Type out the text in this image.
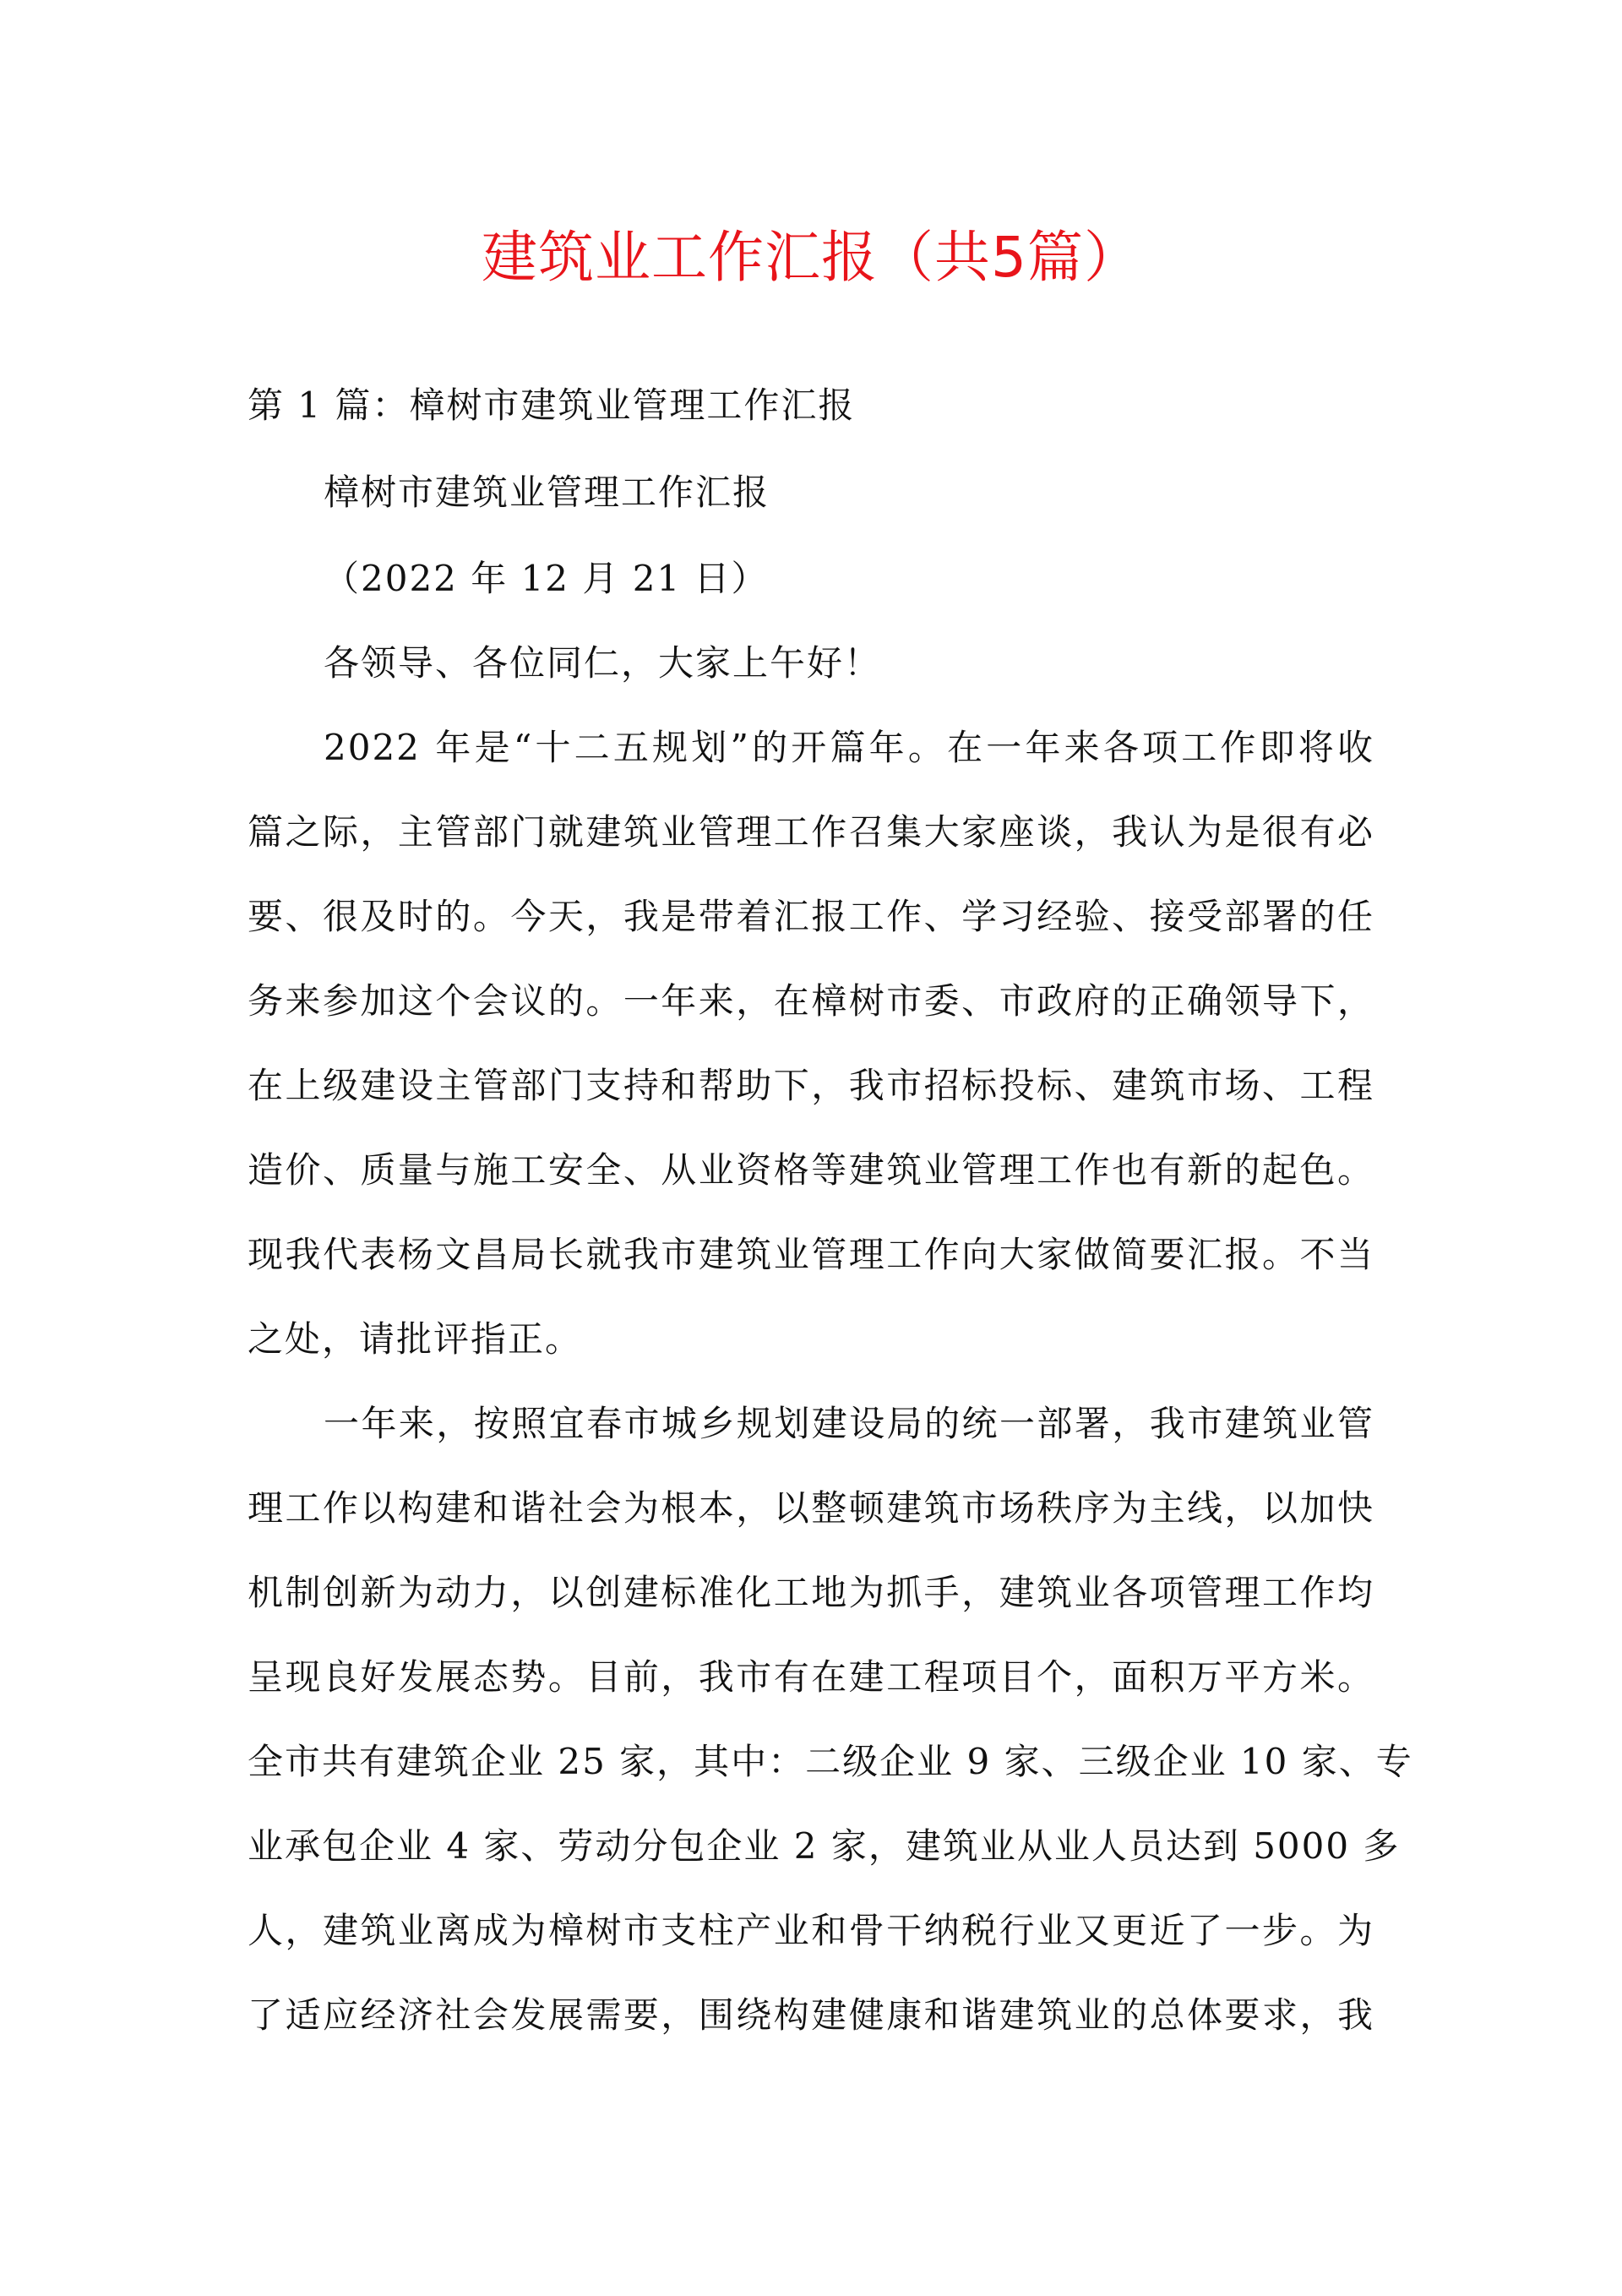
建筑业工作汇报（共5篇）
第 1 篇：樟树市建筑业管理工作汇报
樟树市建筑业管理工作汇报
（2022 年 12 月 21 日）
各领导、各位同仁，大家上午好！
2022 年是“十二五规划”的开篇年。在一年来各项工作即将收
篇之际，主管部门就建筑业管理工作召集大家座谈，我认为是很有必
要、很及时的。今天，我是带着汇报工作、学习经验、接受部署的任
务来参加这个会议的。一年来，在樟树市委、市政府的正确领导下，
在上级建设主管部门支持和帮助下，我市招标投标、建筑市场、工程
造价、质量与施工安全、从业资格等建筑业管理工作也有新的起色。
现我代表杨文昌局长就我市建筑业管理工作向大家做简要汇报。不当
之处，请批评指正。
一年来，按照宜春市城乡规划建设局的统一部署，我市建筑业管
理工作以构建和谐社会为根本，以整顿建筑市场秩序为主线，以加快
机制创新为动力，以创建标准化工地为抓手，建筑业各项管理工作均
呈现良好发展态势。目前，我市有在建工程项目个，面积万平方米。
全市共有建筑企业 25 家，其中：二级企业 9 家、三级企业 10 家、专
业承包企业 4 家、劳动分包企业 2 家，建筑业从业人员达到 5000 多
人，建筑业离成为樟树市支柱产业和骨干纳税行业又更近了一步。为
了适应经济社会发展需要，围绕构建健康和谐建筑业的总体要求，我
